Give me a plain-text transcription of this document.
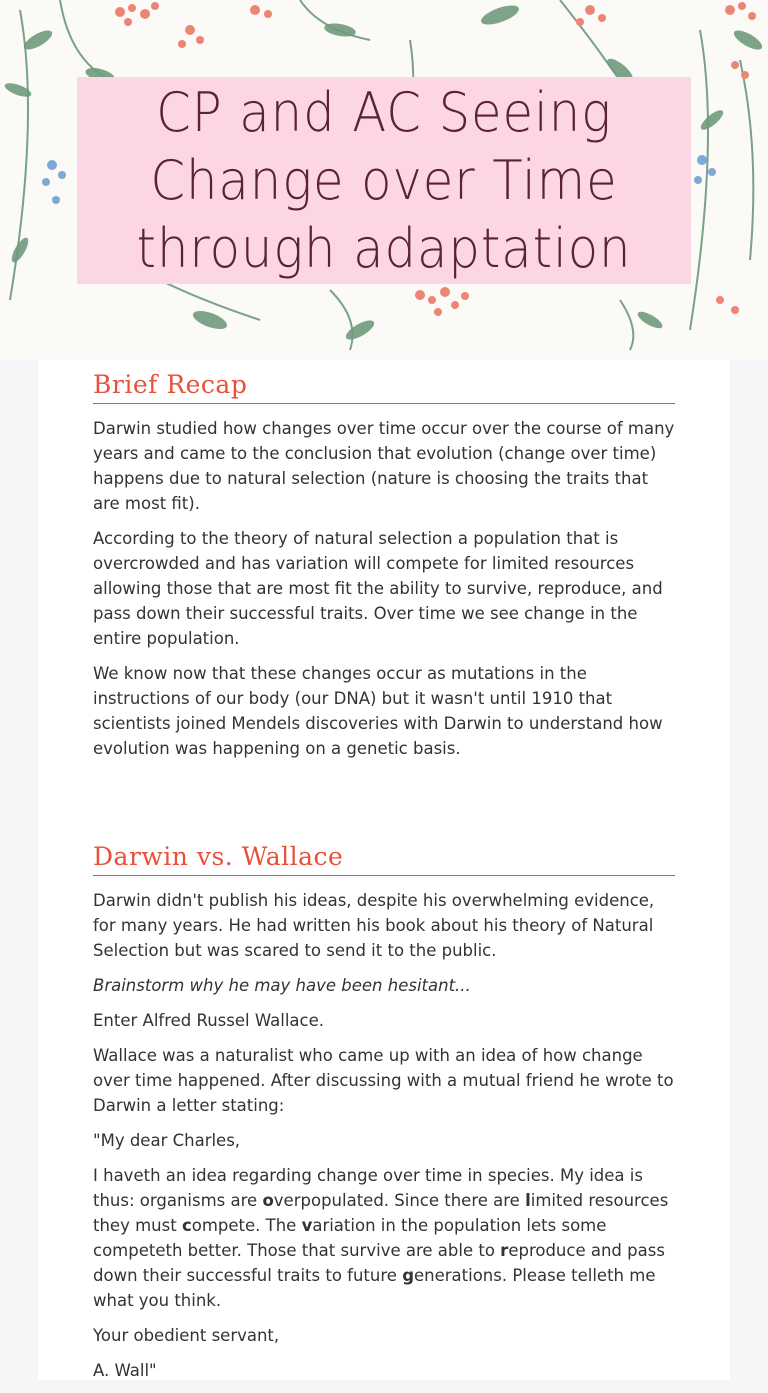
CP and AC Seeing Change over Time through adaptation
Brief Recap

Darwin studied how changes over time occur over the course of many years and came to the conclusion that evolution (change over time) happens due to natural selection (nature is choosing the traits that are most fit).

According to the theory of natural selection a population that is overcrowded and has variation will compete for limited resources allowing those that are most fit the ability to survive, reproduce, and pass down their successful traits. Over time we see change in the entire population.

We know now that these changes occur as mutations in the instructions of our body (our DNA) but it wasn't until 1910 that scientists joined Mendels discoveries with Darwin to understand how evolution was happening on a genetic basis.

Darwin vs. Wallace

Darwin didn't publish his ideas, despite his overwhelming evidence, for many years. He had written his book about his theory of Natural Selection but was scared to send it to the public.

Brainstorm why he may have been hesitant...

Enter Alfred Russel Wallace.

Wallace was a naturalist who came up with an idea of how change over time happened. After discussing with a mutual friend he wrote to Darwin a letter stating:

"My dear Charles,

I haveth an idea regarding change over time in species. My idea is thus: organisms are overpopulated. Since there are limited resources they must compete. The variation in the population lets some competeth better. Those that survive are able to reproduce and pass down their successful traits to future generations. Please telleth me what you think.

Your obedient servant,

A. Wall"
